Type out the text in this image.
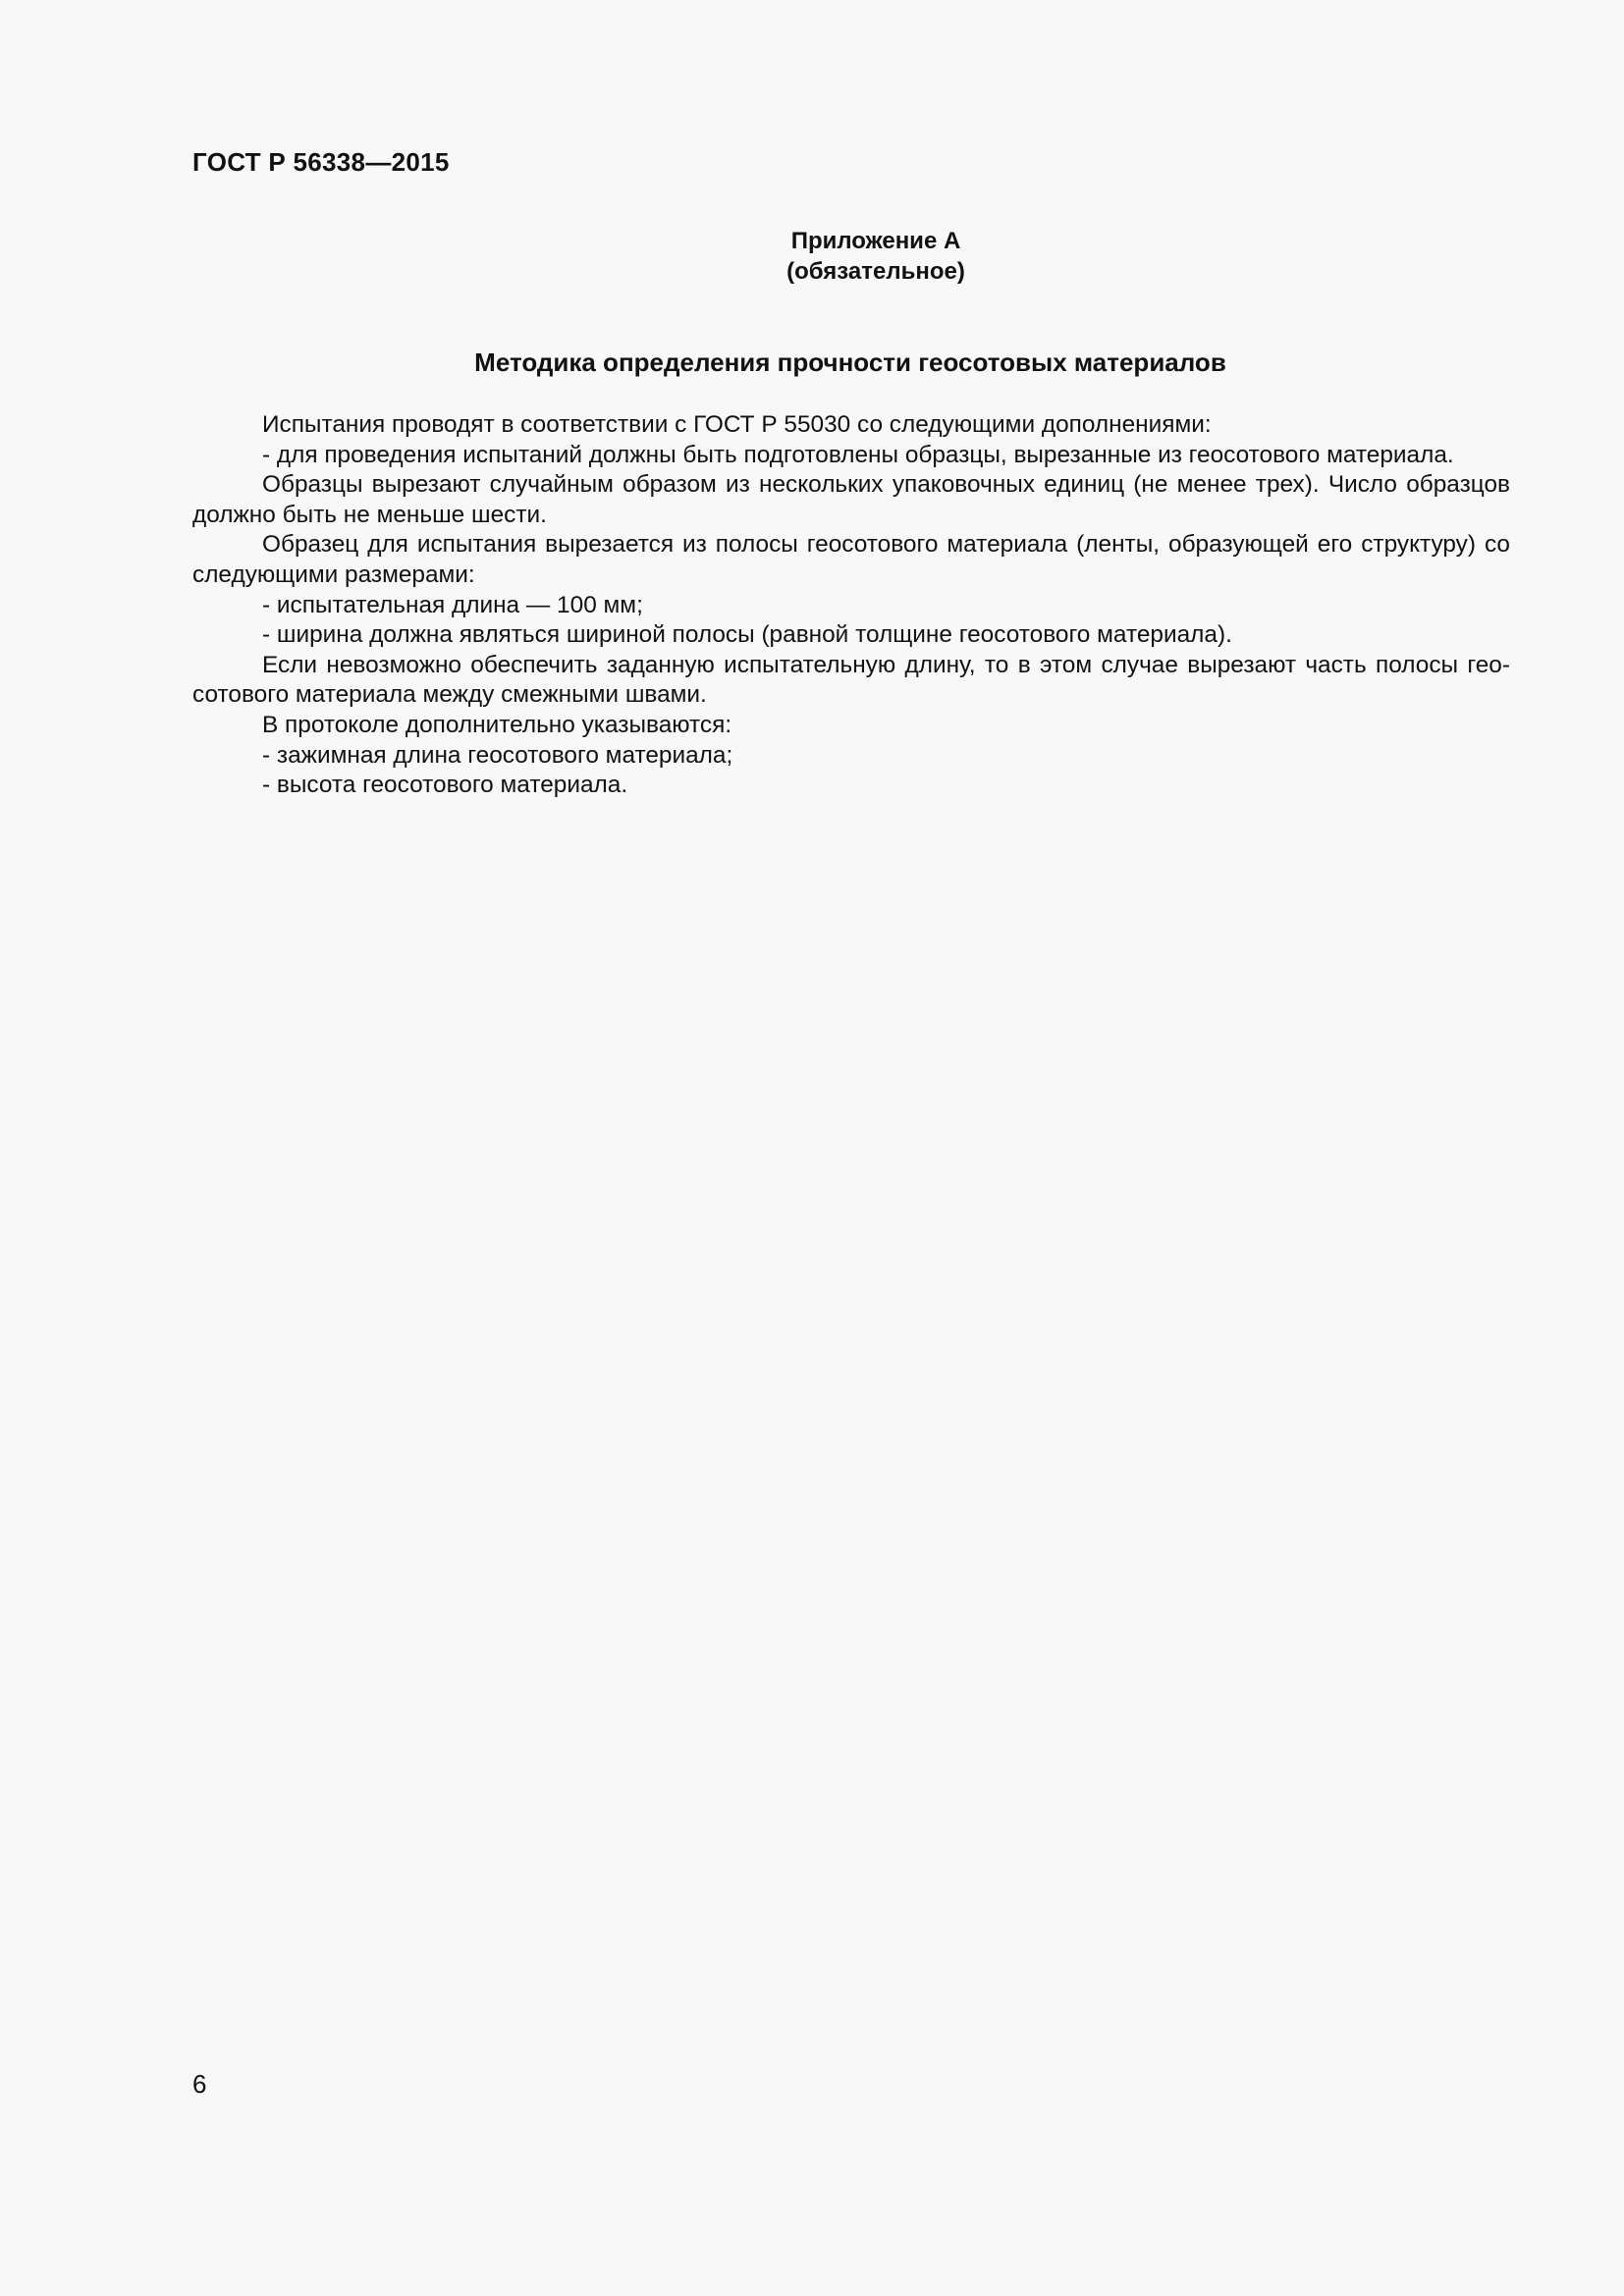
ГОСТ Р 56338—2015
Приложение А
(обязательное)
Методика определения прочности геосотовых материалов

Испытания проводят в соответствии с ГОСТ Р 55030 со следующими дополнениями:

- для проведения испытаний должны быть подготовлены образцы, вырезанные из геосотового материала.

Образцы вырезают случайным образом из нескольких упаковочных единиц (не менее трех). Число образцов должно быть не меньше шести.

Образец для испытания вырезается из полосы геосотового материала (ленты, образующей его структуру) со следующими размерами:

- испытательная длина — 100 мм;

- ширина должна являться шириной полосы (равной толщине геосотового материала).

Если невозможно обеспечить заданную испытательную длину, то в этом случае вырезают часть полосы гео-сотового материала между смежными швами.

В протоколе дополнительно указываются:

- зажимная длина геосотового материала;

- высота геосотового материала.

6
